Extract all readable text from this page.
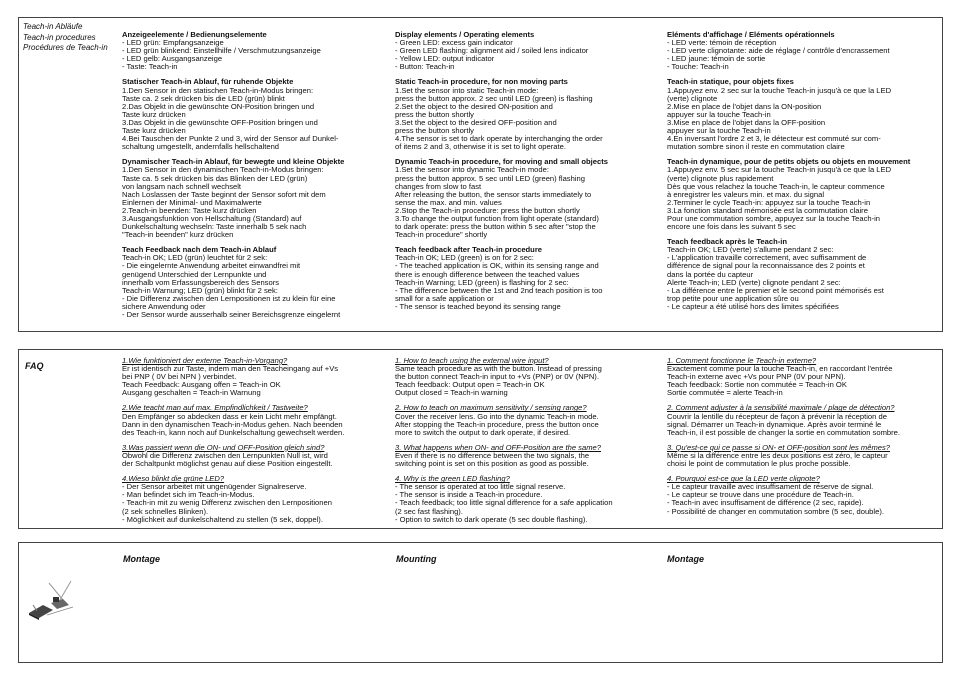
Teach-in Abläufe
Teach-in procedures
Procédures de Teach-in
Anzeigeelemente / Bedienungselemente
- LED grün: Empfangsanzeige
- LED grün blinkend: Einstellhilfe / Verschmutzungsanzeige
- LED gelb: Ausgangsanzeige
- Taste: Teach-in
Statischer Teach-in Ablauf, für ruhende Objekte
1.Den Sensor in den statischen Teach-in-Modus bringen:
Taste ca. 2 sek drücken bis die LED (grün) blinkt
2.Das Objekt in die gewünschte ON-Position bringen und
Taste kurz drücken
3.Das Objekt in die gewünschte OFF-Position bringen und
Taste kurz drücken
4.Bei Tauschen der Punkte 2 und 3, wird der Sensor auf Dunkel-
schaltung umgestellt, andernfalls hellschaltend
Dynamischer Teach-in Ablauf, für bewegte und kleine Objekte
1.Den Sensor in den dynamischen Teach-in-Modus bringen:
Taste ca. 5 sek drücken bis das Blinken der LED (grün)
von langsam nach schnell wechselt
Nach Loslassen der Taste beginnt der Sensor sofort mit dem
Einlernen der Minimal- und Maximalwerte
2.Teach-in beenden: Taste kurz drücken
3.Ausgangsfunktion von Hellschaltung (Standard) auf
Dunkelschaltung wechseln: Taste innerhalb 5 sek nach
"Teach-in beenden" kurz drücken
Teach Feedback nach dem Teach-in Ablauf
Teach-in OK; LED (grün) leuchtet für 2 sek:
- Die eingelernte Anwendung arbeitet einwandfrei mit
genügend Unterschied der Lernpunkte und
innerhalb vom Erfassungsbereich des Sensors
Teach-in Warnung; LED (grün) blinkt für 2 sek:
- Die Differenz zwischen den Lernpositionen ist zu klein für eine
sichere Anwendung oder
- Der Sensor wurde ausserhalb seiner Bereichsgrenze eingelernt
Display elements / Operating elements
- Green LED: excess gain indicator
- Green LED flashing: alignment aid / soiled lens indicator
- Yellow LED: output indicator
- Button: Teach-in
Static Teach-in procedure, for non moving parts
1.Set the sensor into static Teach-in mode:
press the button approx. 2 sec until LED (green) is flashing
2.Set the object to the desired ON-position and
press the button shortly
3.Set the object to the desired OFF-position and
press the button shortly
4.The sensor is set to dark operate by interchanging the order
of items 2 and 3, otherwise it is set to light operate.
Dynamic Teach-in procedure, for moving and small objects
1.Set the sensor into dynamic Teach-in mode:
press the button approx. 5 sec until LED (green) flashing
changes from slow to fast
After releasing the button, the sensor starts immediately to
sense the max. and min. values
2.Stop the Teach-in procedure: press the button shortly
3.To change the output function from light operate (standard)
to dark operate: press the button within 5 sec after "stop the
Teach-in procedure" shortly
Teach feedback after Teach-in procedure
Teach-in OK; LED (green) is on for 2 sec:
- The teached application is OK, within its sensing range and
there is enough difference between the teached values
Teach-in Warning; LED (green) is flashing for 2 sec:
- The difference between the 1st and 2nd teach position is too
small for a safe application or
- The sensor is teached beyond its sensing range
Eléments d'affichage / Eléments opérationnels
- LED verte: témoin de réception
- LED verte clignotante: aide de réglage / contrôle d'encrassement
- LED jaune: témoin de sortie
- Touche: Teach-in
Teach-in statique, pour objets fixes
1.Appuyez env. 2 sec sur la touche Teach-in jusqu'à ce que la LED
(verte) clignote
2.Mise en place de l'objet dans la ON-position
appuyer sur la touche Teach-in
3.Mise en place de l'objet dans la OFF-position
appuyer sur la touche Teach-in
4.En inversant l'ordre 2 et 3, le détecteur est commuté sur com-
mutation sombre sinon il reste en commutation claire
Teach-in dynamique, pour de petits objets ou objets en mouvement
1.Appuyez env. 5 sec sur la touche Teach-in jusqu'à ce que la LED
(verte) clignote plus rapidement
Dès que vous relachez la touche Teach-in, le capteur commence
à enregistrer les valeurs min. et max. du signal
2.Terminer le cycle Teach-in: appuyez sur la touche Teach-in
3.La fonction standard mémorisée est la commutation claire
Pour une commutation sombre, appuyez sur la touche Teach-in
encore une fois dans les suivant 5 sec
Teach feedback après le Teach-in
Teach-in OK; LED (verte) s'allume pendant 2 sec:
- L'application travaille correctement, avec suffisamment de
différence de signal pour la reconnaissance des 2 points et
dans la portée du capteur
Alerte Teach-in; LED (verte) clignote pendant 2 sec:
- La différence entre le premier et le second point mémorisés est
trop petite pour une application sûre ou
- Le capteur a été utilisé hors des limites spécifiées
FAQ
1.Wie funktioniert der externe Teach-in-Vorgang?
Er ist identisch zur Taste, indem man den Teacheingang auf +Vs
bei PNP ( 0V bei NPN ) verbindet.
Teach Feedback: Ausgang offen = Teach-in OK
Ausgang geschalten = Teach-in Warnung
2.Wie teacht man auf max. Empfindlichkeit / Tastweite?
Den Empfänger so abdecken dass er kein Licht mehr empfängt.
Dann in den dynamischen Teach-in-Modus gehen. Nach beenden
des Teach-in, kann noch auf Dunkelschaltung gewechselt werden.
3.Was passiert wenn die ON- und OFF-Position gleich sind?
Obwohl die Differenz zwischen den Lernpunkten Null ist, wird
der Schaltpunkt möglichst genau auf diese Position eingestellt.
4.Wieso blinkt die grüne LED?
- Der Sensor arbeitet mit ungenügender Signalreserve.
- Man befindet sich im Teach-in-Modus.
- Teach-in mit zu wenig Differenz zwischen den Lernpositionen
(2 sek schnelles Blinken).
- Möglichkeit auf dunkelschaltend zu stellen (5 sek, doppel).
1. How to teach using the external wire input?
Same teach procedure as with the button. Instead of pressing
the button connect Teach-in input to +Vs (PNP) or 0V (NPN).
Teach feedback: Output open = Teach-in OK
Output closed = Teach-in warning
2. How to teach on maximum sensitivity / sensing range?
Cover the receiver lens. Go into the dynamic Teach-in mode.
After stopping the Teach-in procedure, press the button once
more to switch the output to dark operate, if desired.
3. What happens when ON- and OFF-Position are the same?
Even if there is no difference between the two signals, the
switching point is set on this position as good as possible.
4. Why is the green LED flashing?
- The sensor is operated at too little signal reserve.
- The sensor is inside a Teach-in procedure.
- Teach feedback; too little signal difference for a safe application
(2 sec fast flashing).
- Option to switch to dark operate (5 sec double flashing).
1. Comment fonctionne le Teach-in externe?
Exactement comme pour la touche Teach-in, en raccordant l'entrée
Teach-in externe avec +Vs pour PNP (0V pour NPN).
Teach feedback: Sortie non commutée = Teach-in OK
Sortie commutée = alerte Teach-in
2. Comment adjuster à la sensibilité maximale / plage de détection?
Couvrir la lentille du récepteur de façon à prévenir la réception de
signal. Démarrer un Teach-in dynamique. Après avoir terminé le
Teach-in, il est possible de changer la sortie en commutation sombre.
3. Qu'est-ce qui ce passe si ON- et OFF-position sont les mêmes?
Même si la différence entre les deux positions est zéro, le capteur
choisi le point de commutation le plus proche possible.
4. Pourquoi est-ce que la LED verte clignote?
- Le capteur travaille avec insuffisament de réserve de signal.
- Le capteur se trouve dans une procédure de Teach-in.
- Teach-in avec insuffisament de différence (2 sec, rapide).
- Possibilité de changer en commutation sombre (5 sec, double).
Montage	Mounting	Montage
